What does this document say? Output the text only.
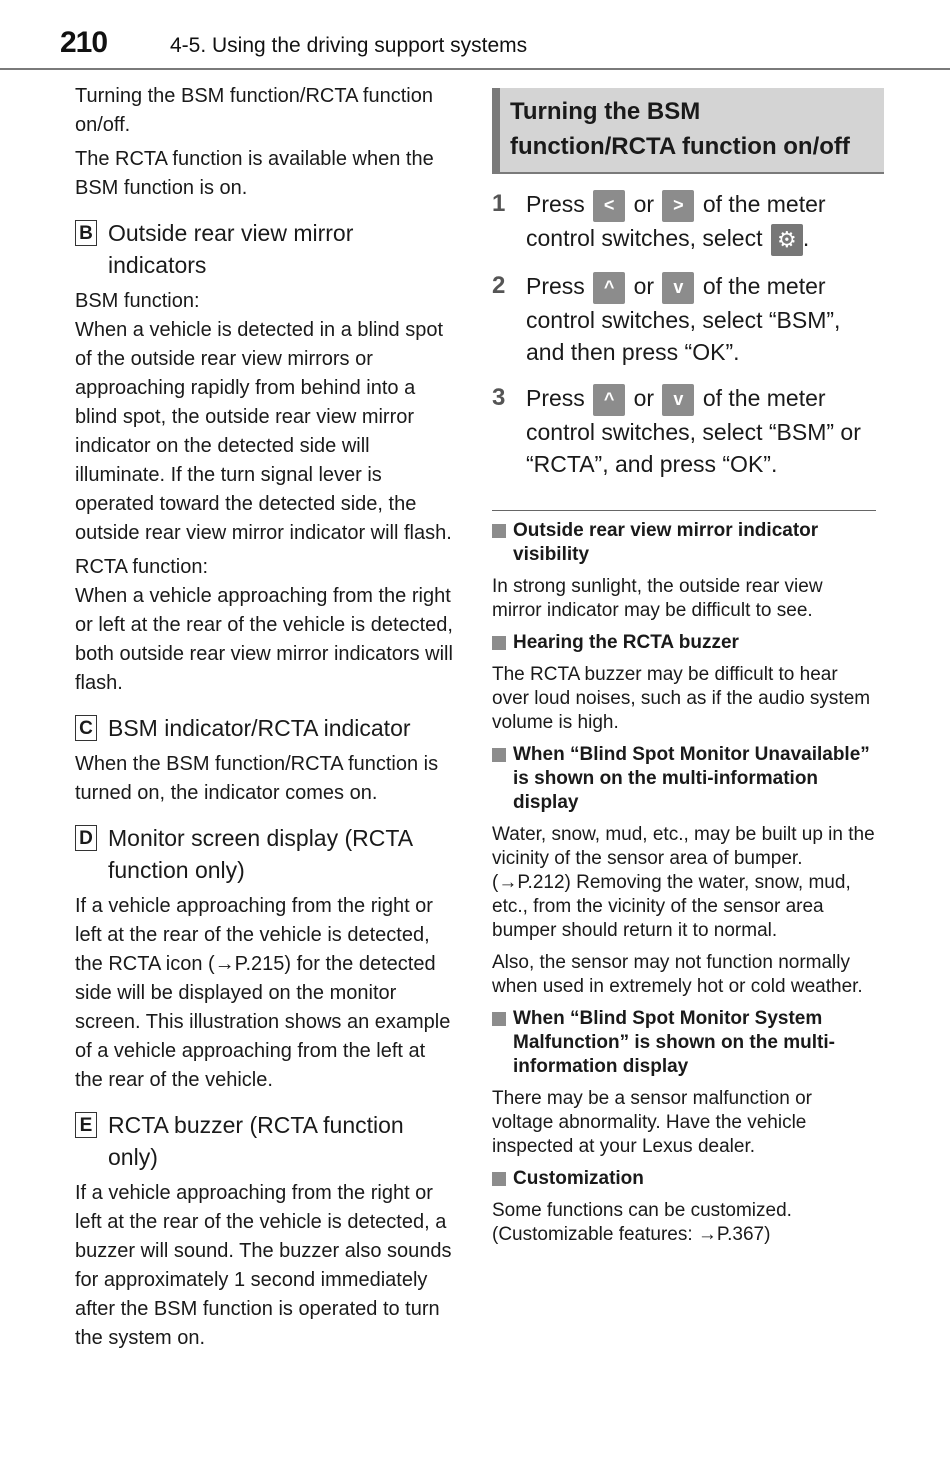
210	4-5. Using the driving support systems

Turning the BSM function/RCTA function on/off.

The RCTA function is available when the BSM function is on.

B Outside rear view mirror indicators

BSM function:

When a vehicle is detected in a blind spot of the outside rear view mirrors or approaching rapidly from behind into a blind spot, the outside rear view mirror indicator on the detected side will illuminate. If the turn signal lever is operated toward the detected side, the outside rear view mirror indicator will flash.

RCTA function:

When a vehicle approaching from the right or left at the rear of the vehicle is detected, both outside rear view mirror indicators will flash.

C BSM indicator/RCTA indicator

When the BSM function/RCTA function is turned on, the indicator comes on.

D Monitor screen display (RCTA function only)

If a vehicle approaching from the right or left at the rear of the vehicle is detected, the RCTA icon (→P.215) for the detected side will be displayed on the monitor screen. This illustration shows an example of a vehicle approaching from the left at the rear of the vehicle.

E RCTA buzzer (RCTA function only)

If a vehicle approaching from the right or left at the rear of the vehicle is detected, a buzzer will sound. The buzzer also sounds for approximately 1 second immediately after the BSM function is operated to turn the system on.

Turning the BSM function/RCTA function on/off
1 Press < or > of the meter control switches, select ⚙ .
2 Press ^ or v of the meter control switches, select “BSM”, and then press “OK”.
3 Press ^ or v of the meter control switches, select “BSM” or “RCTA”, and press “OK”.
Outside rear view mirror indicator visibility

In strong sunlight, the outside rear view mirror indicator may be difficult to see.

Hearing the RCTA buzzer

The RCTA buzzer may be difficult to hear over loud noises, such as if the audio system volume is high.

When “Blind Spot Monitor Unavailable” is shown on the multi-information display

Water, snow, mud, etc., may be built up in the vicinity of the sensor area of bumper. (→P.212) Removing the water, snow, mud, etc., from the vicinity of the sensor area bumper should return it to normal.

Also, the sensor may not function normally when used in extremely hot or cold weather.

When “Blind Spot Monitor System Malfunction” is shown on the multi-information display

There may be a sensor malfunction or voltage abnormality. Have the vehicle inspected at your Lexus dealer.

Customization

Some functions can be customized. (Customizable features: →P.367)
